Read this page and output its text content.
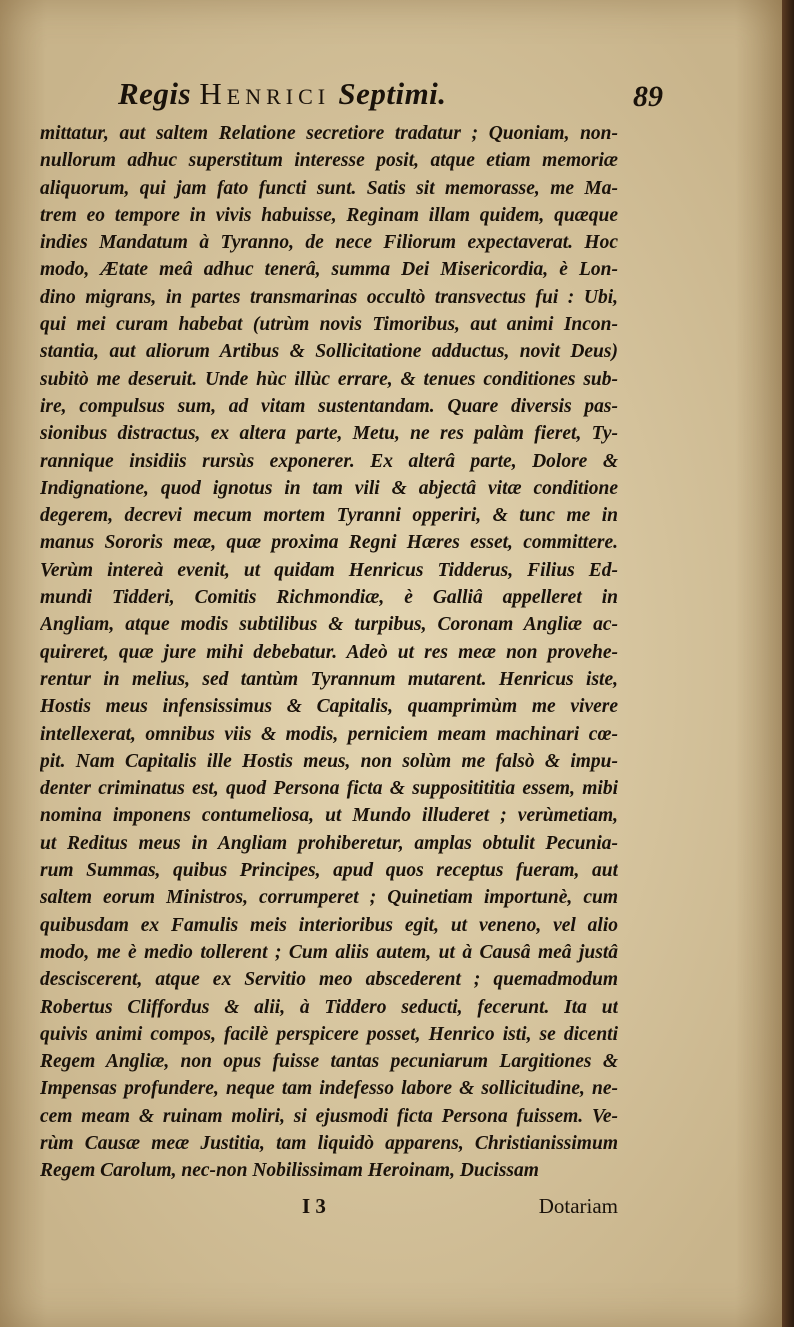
Regis Henrici Septimi.	89
mittatur, aut saltem Relatione secretiore tradatur ; Quoniam, non-
nullorum adhuc superstitum interesse posit, atque etiam memoriæ
aliquorum, qui jam fato functi sunt. Satis sit memorasse, me Ma-
trem eo tempore in vivis habuisse, Reginam illam quidem, quæque
indies Mandatum à Tyranno, de nece Filiorum expectaverat. Hoc
modo, Ætate meâ adhuc tenerâ, summa Dei Misericordia, è Lon-
dino migrans, in partes transmarinas occultò transvectus fui : Ubi,
qui mei curam habebat (utrùm novis Timoribus, aut animi Incon-
stantia, aut aliorum Artibus & Sollicitatione adductus, novit Deus)
subitò me deseruit. Unde hùc illùc errare, & tenues conditiones sub-
ire, compulsus sum, ad vitam sustentandam. Quare diversis pas-
sionibus distractus, ex altera parte, Metu, ne res palàm fieret, Ty-
rannique insidiis rursùs exponerer. Ex alterâ parte, Dolore &
Indignatione, quod ignotus in tam vili & abjectâ vitæ conditione
degerem, decrevi mecum mortem Tyranni opperiri, & tunc me in
manus Sororis meæ, quæ proxima Regni Hæres esset, committere.
Verùm intereà evenit, ut quidam Henricus Tidderus, Filius Ed-
mundi Tidderi, Comitis Richmondiæ, è Galliâ appelleret in
Angliam, atque modis subtilibus & turpibus, Coronam Angliæ ac-
quireret, quæ jure mihi debebatur. Adeò ut res meæ non provehe-
rentur in melius, sed tantùm Tyrannum mutarent. Henricus iste,
Hostis meus infensissimus & Capitalis, quamprimùm me vivere
intellexerat, omnibus viis & modis, perniciem meam machinari cœ-
pit. Nam Capitalis ille Hostis meus, non solùm me falsò & impu-
denter criminatus est, quod Persona ficta & suppositititia essem, mibi
nomina imponens contumeliosa, ut Mundo illuderet ; verùmetiam,
ut Reditus meus in Angliam prohiberetur, amplas obtulit Pecunia-
rum Summas, quibus Principes, apud quos receptus fueram, aut
saltem eorum Ministros, corrumperet ; Quinetiam importunè, cum
quibusdam ex Famulis meis interioribus egit, ut veneno, vel alio
modo, me è medio tollerent ; Cum aliis autem, ut à Causâ meâ justâ
desciscerent, atque ex Servitio meo abscederent ; quemadmodum
Robertus Cliffordus & alii, à Tiddero seducti, fecerunt. Ita ut
quivis animi compos, facilè perspicere posset, Henrico isti, se dicenti
Regem Angliæ, non opus fuisse tantas pecuniarum Largitiones &
Impensas profundere, neque tam indefesso labore & sollicitudine, ne-
cem meam & ruinam moliri, si ejusmodi ficta Persona fuissem. Ve-
rùm Causæ meæ Justitia, tam liquidò apparens, Christianissimum
Regem Carolum, nec-non Nobilissimam Heroinam, Ducissam
I 3	Dotariam
